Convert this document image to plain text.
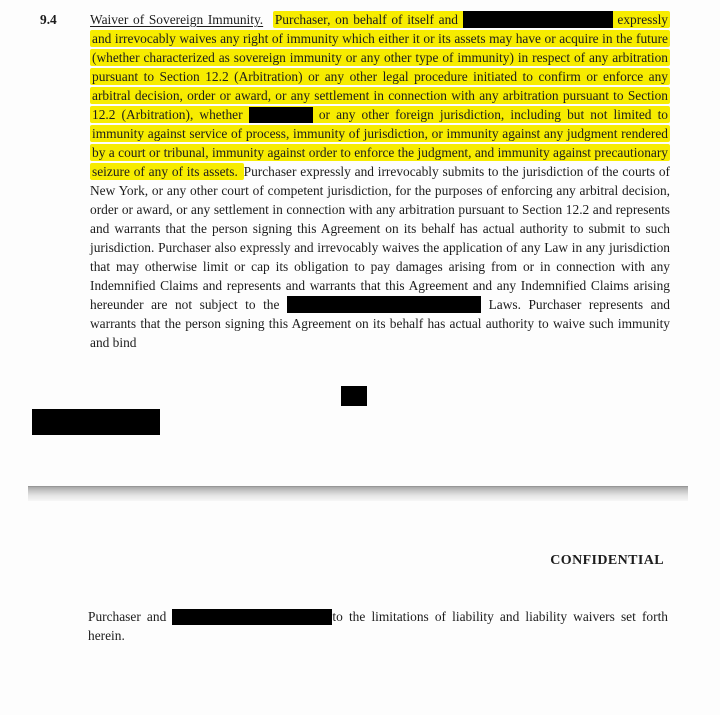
9.4	Waiver of Sovereign Immunity. Purchaser, on behalf of itself and	expressly and irrevocably waives any right of immunity which either it or its assets may have or acquire in the future (whether characterized as sovereign immunity or any other type of immunity) in respect of any arbitration pursuant to Section 12.2 (Arbitration) or any other legal procedure initiated to confirm or enforce any arbitral decision, order or award, or any settlement in connection with any arbitration pursuant to Section 12.2 (Arbitration), whether	or any other foreign jurisdiction, including but not limited to immunity against service of process, immunity of jurisdiction, or immunity against any judgment rendered by a court or tribunal, immunity against order to enforce the judgment, and immunity against precautionary seizure of any of its assets. Purchaser expressly and irrevocably submits to the jurisdiction of the courts of New York, or any other court of competent jurisdiction, for the purposes of enforcing any arbitral decision, order or award, or any settlement in connection with any arbitration pursuant to Section 12.2 and represents and warrants that the person signing this Agreement on its behalf has actual authority to submit to such jurisdiction. Purchaser also expressly and irrevocably waives the application of any Law in any jurisdiction that may otherwise limit or cap its obligation to pay damages arising from or in connection with any Indemnified Claims and represents and warrants that this Agreement and any Indemnified Claims arising hereunder are not subject to the	Laws. Purchaser represents and warrants that the person signing this Agreement on its behalf has actual authority to waive such immunity and bind
CONFIDENTIAL
Purchaser and	to the limitations of liability and liability waivers set forth herein.
